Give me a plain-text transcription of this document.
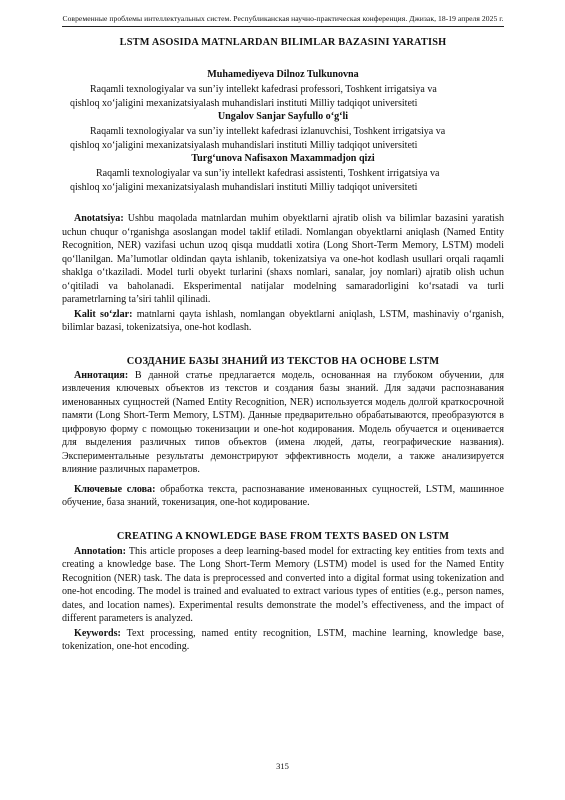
Современные проблемы интеллектуальных систем. Республиканская научно-практическая конференция. Джизак, 18-19 апреля 2025 г.
LSTM ASOSIDA MATNLARDAN BILIMLAR BAZASINI YARATISH

Muhamediyeva Dilnoz Tulkunovna

Raqamli texnologiyalar va sun’iy intellekt kafedrasi professori, Toshkent irrigatsiya va
qishloq xo‘jaligini mexanizatsiyalash muhandislari instituti Milliy tadqiqot universiteti

Ungalov Sanjar Sayfullo o‘g‘li

Raqamli texnologiyalar va sun’iy intellekt kafedrasi izlanuvchisi, Toshkent irrigatsiya va
qishloq xo‘jaligini mexanizatsiyalash muhandislari instituti Milliy tadqiqot universiteti

Turg‘unova Nafisaxon Maxammadjon qizi

Raqamli texnologiyalar va sun’iy intellekt kafedrasi assistenti, Toshkent irrigatsiya va
qishloq xo‘jaligini mexanizatsiyalash muhandislari instituti Milliy tadqiqot universiteti

Anotatsiya: Ushbu maqolada matnlardan muhim obyektlarni ajratib olish va bilimlar bazasini yaratish uchun chuqur o‘rganishga asoslangan model taklif etiladi. Nomlangan obyektlarni aniqlash (Named Entity Recognition, NER) vazifasi uchun uzoq qisqa muddatli xotira (Long Short-Term Memory, LSTM) modeli qo‘llanilgan. Ma’lumotlar oldindan qayta ishlanib, tokenizatsiya va one-hot kodlash usullari orqali raqamli shaklga o‘tkaziladi. Model turli obyekt turlarini (shaxs nomlari, sanalar, joy nomlari) ajratib olish uchun o‘qitiladi va baholanadi. Eksperimental natijalar modelning samaradorligini ko‘rsatadi va turli parametrlarning ta’siri tahlil qilinadi.

Kalit so‘zlar: matnlarni qayta ishlash, nomlangan obyektlarni aniqlash, LSTM, mashinaviy o‘rganish, bilimlar bazasi, tokenizatsiya, one-hot kodlash.

СОЗДАНИЕ БАЗЫ ЗНАНИЙ ИЗ ТЕКСТОВ НА ОСНОВЕ LSTM

Аннотация: В данной статье предлагается модель, основанная на глубоком обучении, для извлечения ключевых объектов из текстов и создания базы знаний. Для задачи распознавания именованных сущностей (Named Entity Recognition, NER) используется модель долгой краткосрочной памяти (Long Short-Term Memory, LSTM). Данные предварительно обрабатываются, преобразуются в цифровую форму с помощью токенизации и one-hot кодирования. Модель обучается и оценивается для выделения различных типов объектов (имена людей, даты, географические названия). Экспериментальные результаты демонстрируют эффективность модели, а также анализируется влияние различных параметров.

Ключевые слова: обработка текста, распознавание именованных сущностей, LSTM, машинное обучение, база знаний, токенизация, one-hot кодирование.

CREATING A KNOWLEDGE BASE FROM TEXTS BASED ON LSTM

Annotation: This article proposes a deep learning-based model for extracting key entities from texts and creating a knowledge base. The Long Short-Term Memory (LSTM) model is used for the Named Entity Recognition (NER) task. The data is preprocessed and converted into a digital format using tokenization and one-hot encoding. The model is trained and evaluated to extract various types of entities (e.g., person names, dates, and location names). Experimental results demonstrate the model’s effectiveness, and the impact of different parameters is analyzed.

Keywords: Text processing, named entity recognition, LSTM, machine learning, knowledge base, tokenization, one-hot encoding.

315
